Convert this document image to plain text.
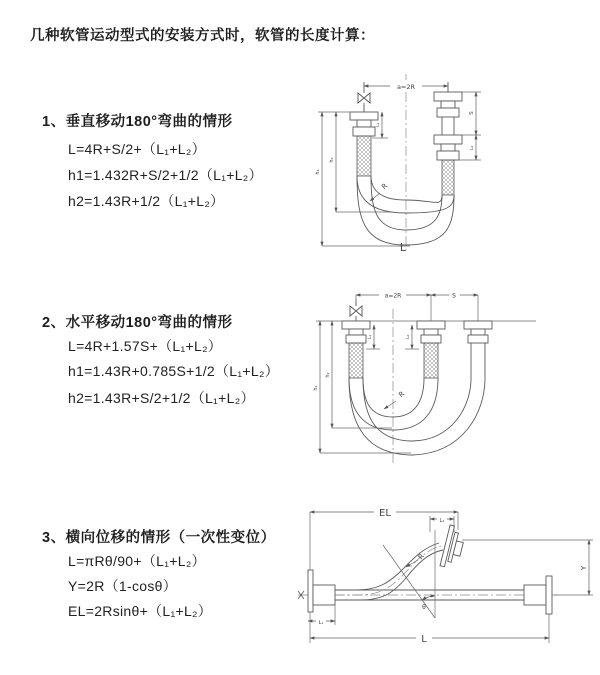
几种软管运动型式的安装方式时，软管的长度计算：
1、垂直移动180°弯曲的情形
L=4R+S/2+（L₁+L₂）
h1=1.432R+S/2+1/2（L₁+L₂）
h2=1.43R+1/2（L₁+L₂）
2、水平移动180°弯曲的情形
L=4R+1.57S+（L₁+L₂）
h1=1.43R+0.785S+1/2（L₁+L₂）
h2=1.43R+S/2+1/2（L₁+L₂）
3、横向位移的情形（一次性变位）
L=πRθ/90+（L₁+L₂）
Y=2R（1-cosθ）
EL=2Rsinθ+（L₁+L₂）
a=2R
L₁
S
L₂
h₁
h₂
R
L
a=2R	S
L₁	L₂
h₁
h₂
R
EL
L₂
Y
R
θ
L₁
L
